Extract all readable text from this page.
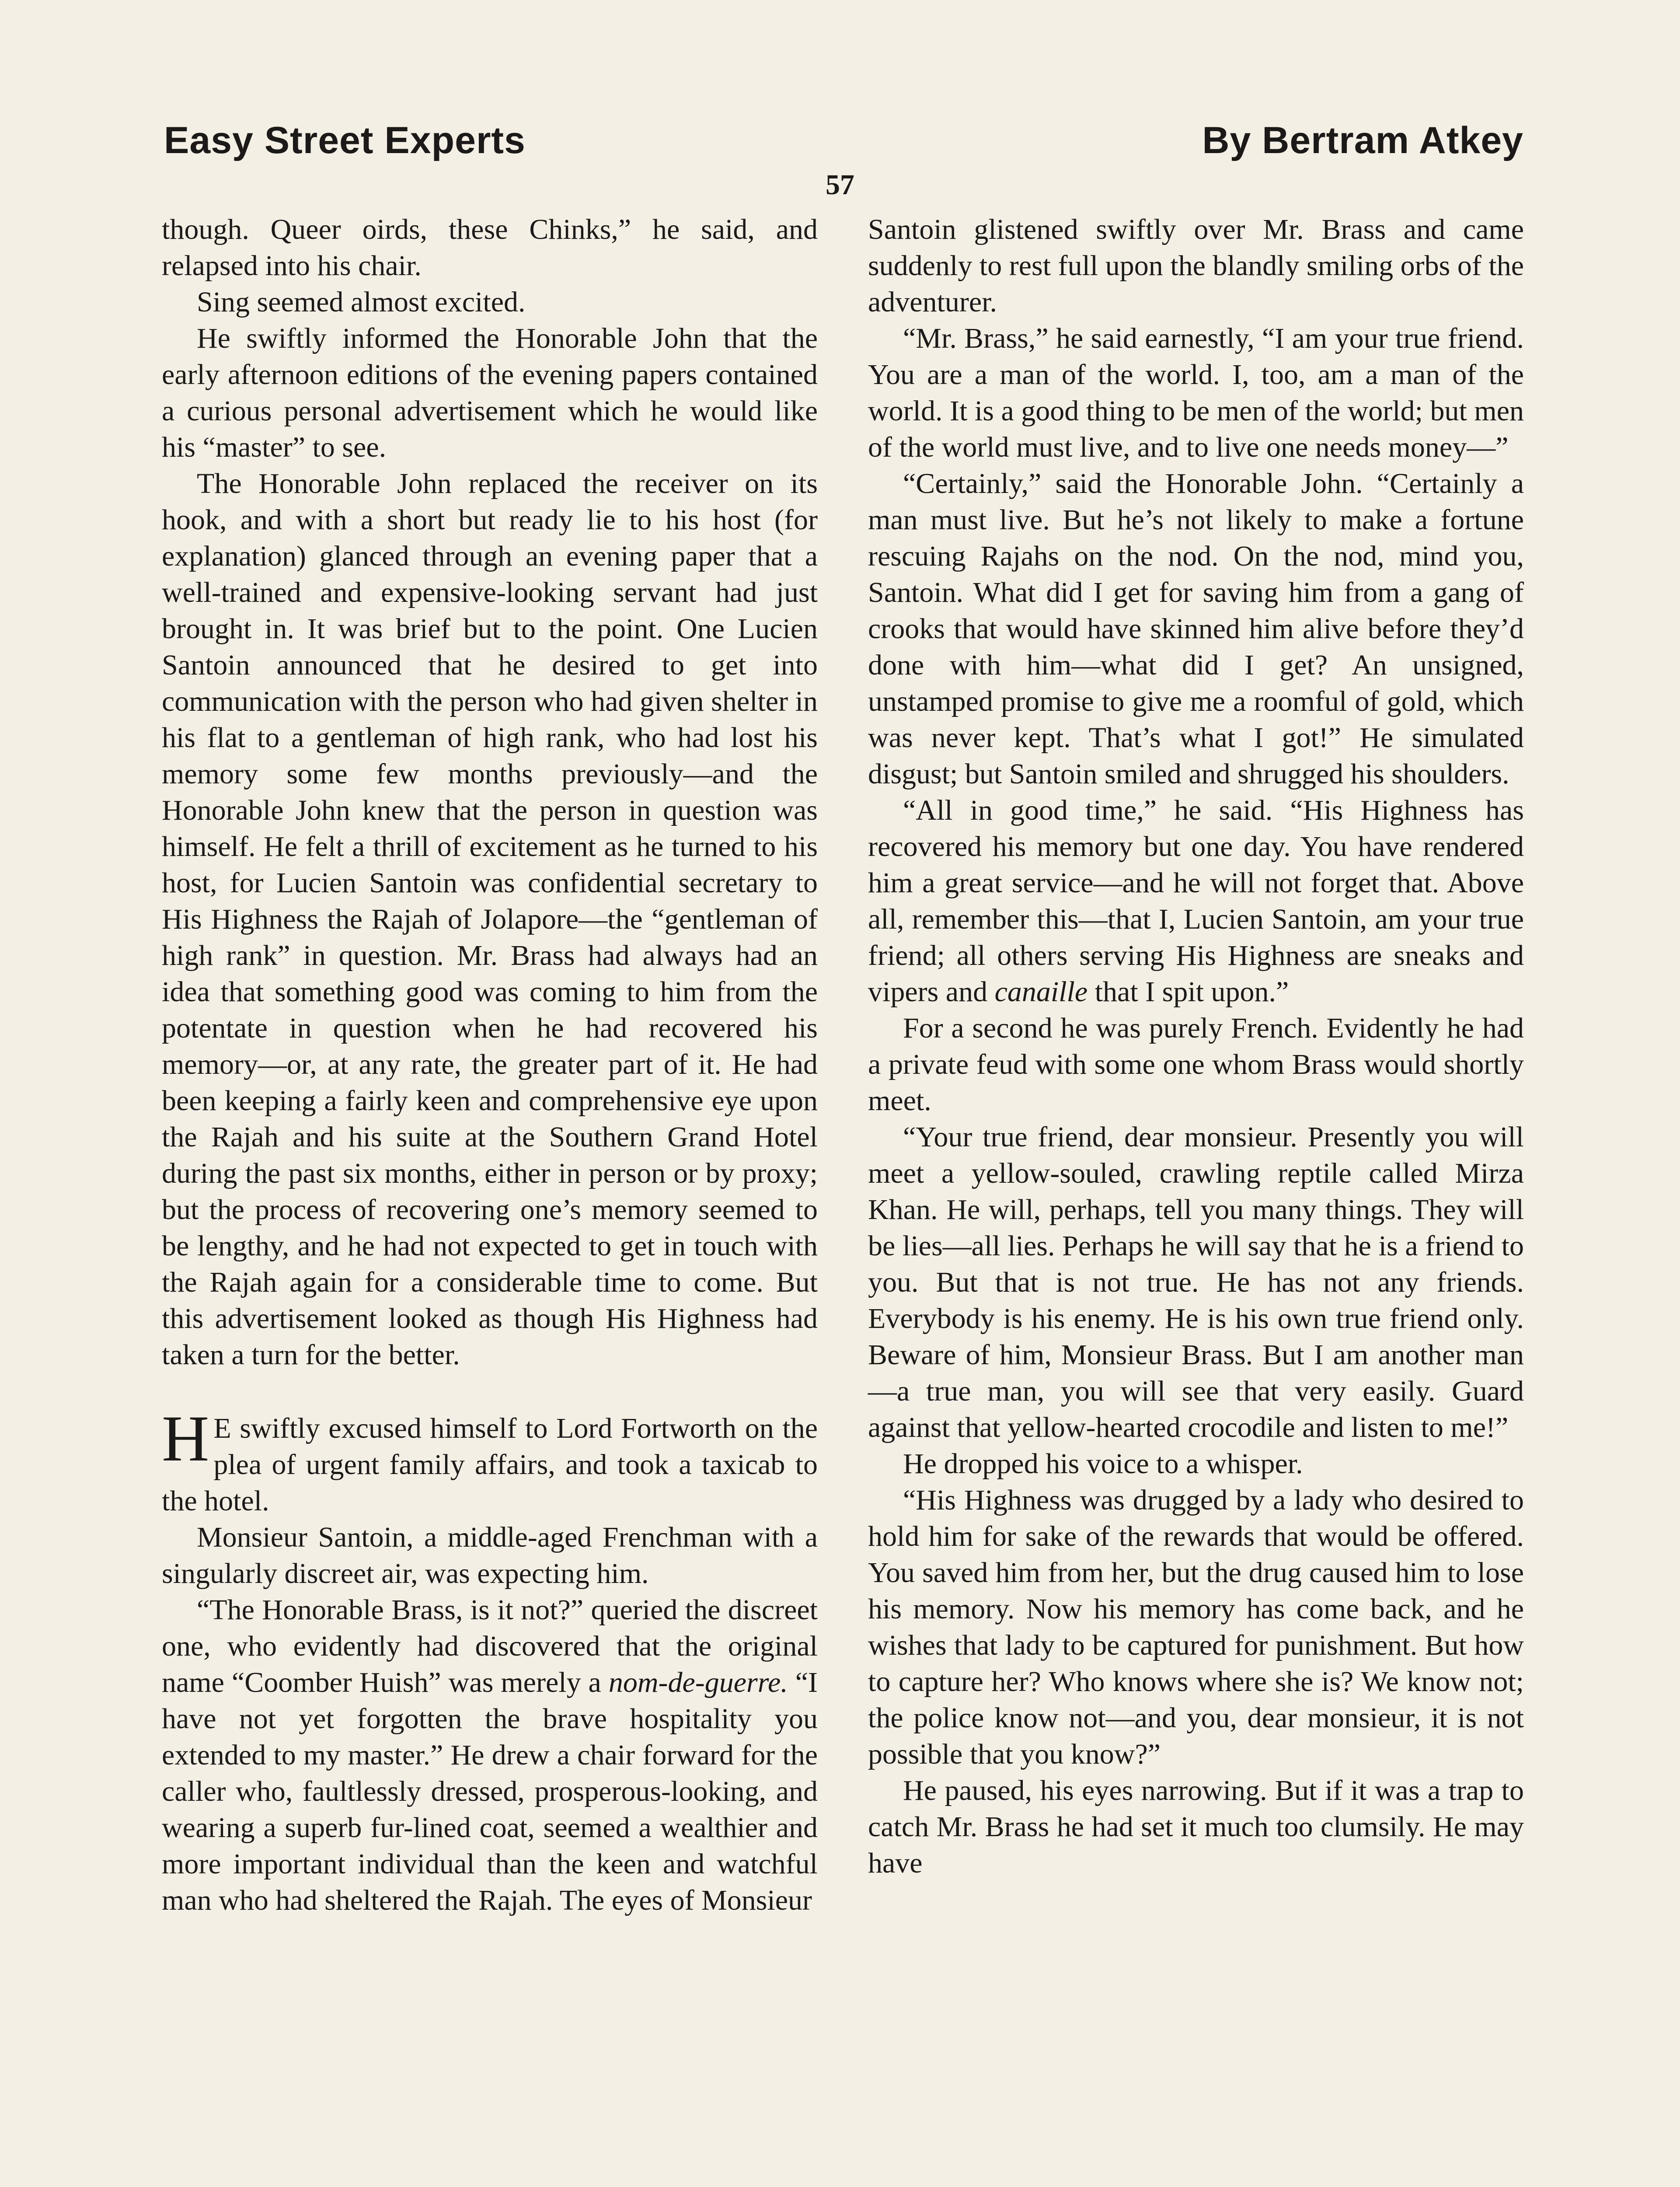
Easy Street Experts	By Bertram Atkey
57

though. Queer oirds, these Chinks,” he said, and relapsed into his chair.

Sing seemed almost excited.

He swiftly informed the Honorable John that the early afternoon editions of the evening papers contained a curious personal advertisement which he would like his “master” to see.

The Honorable John replaced the receiver on its hook, and with a short but ready lie to his host (for explanation) glanced through an evening paper that a well-trained and expensive-looking servant had just brought in. It was brief but to the point. One Lucien Santoin announced that he desired to get into communication with the person who had given shelter in his flat to a gentleman of high rank, who had lost his memory some few months previously—and the Honorable John knew that the person in question was himself. He felt a thrill of excitement as he turned to his host, for Lucien Santoin was confidential secretary to His Highness the Rajah of Jolapore—the “gentleman of high rank” in question. Mr. Brass had always had an idea that something good was coming to him from the potentate in question when he had recovered his memory—or, at any rate, the greater part of it. He had been keeping a fairly keen and comprehensive eye upon the Rajah and his suite at the Southern Grand Hotel during the past six months, either in person or by proxy; but the process of recovering one’s memory seemed to be lengthy, and he had not expected to get in touch with the Rajah again for a considerable time to come. But this advertisement looked as though His Highness had taken a turn for the better.

H E swiftly excused himself to Lord Fortworth on the plea of urgent family affairs, and took a taxicab to the hotel.

Monsieur Santoin, a middle-aged Frenchman with a singularly discreet air, was expecting him.

“The Honorable Brass, is it not?” queried the discreet one, who evidently had discovered that the original name “Coomber Huish” was merely a nom-de-guerre. “I have not yet forgotten the brave hospitality you extended to my master.” He drew a chair forward for the caller who, faultlessly dressed, prosperous-looking, and wearing a superb fur-lined coat, seemed a wealthier and more important individual than the keen and watchful man who had sheltered the Rajah. The eyes of Monsieur

Santoin glistened swiftly over Mr. Brass and came suddenly to rest full upon the blandly smiling orbs of the adventurer.

“Mr. Brass,” he said earnestly, “I am your true friend. You are a man of the world. I, too, am a man of the world. It is a good thing to be men of the world; but men of the world must live, and to live one needs money—”

“Certainly,” said the Honorable John. “Certainly a man must live. But he’s not likely to make a fortune rescuing Rajahs on the nod. On the nod, mind you, Santoin. What did I get for saving him from a gang of crooks that would have skinned him alive before they’d done with him—what did I get? An unsigned, unstamped promise to give me a roomful of gold, which was never kept. That’s what I got!” He simulated disgust; but Santoin smiled and shrugged his shoulders.

“All in good time,” he said. “His Highness has recovered his memory but one day. You have rendered him a great service—and he will not forget that. Above all, remember this—that I, Lucien Santoin, am your true friend; all others serving His Highness are sneaks and vipers and canaille that I spit upon.”

For a second he was purely French. Evidently he had a private feud with some one whom Brass would shortly meet.

“Your true friend, dear monsieur. Presently you will meet a yellow-souled, crawling reptile called Mirza Khan. He will, perhaps, tell you many things. They will be lies—all lies. Perhaps he will say that he is a friend to you. But that is not true. He has not any friends. Everybody is his enemy. He is his own true friend only. Beware of him, Monsieur Brass. But I am another man—a true man, you will see that very easily. Guard against that yellow-hearted crocodile and listen to me!”

He dropped his voice to a whisper.

“His Highness was drugged by a lady who desired to hold him for sake of the rewards that would be offered. You saved him from her, but the drug caused him to lose his memory. Now his memory has come back, and he wishes that lady to be captured for punishment. But how to capture her? Who knows where she is? We know not; the police know not—and you, dear monsieur, it is not possible that you know?”

He paused, his eyes narrowing. But if it was a trap to catch Mr. Brass he had set it much too clumsily. He may have
